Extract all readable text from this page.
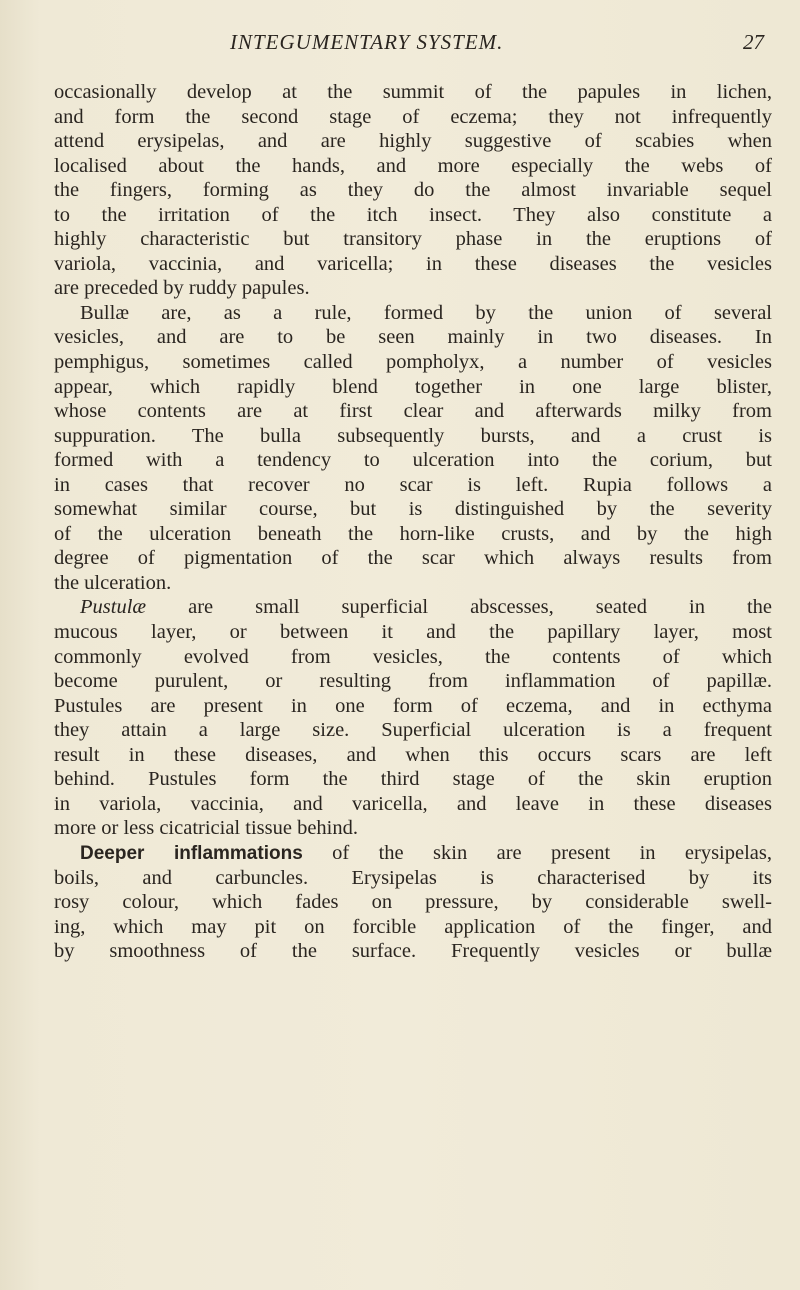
INTEGUMENTARY SYSTEM.	27
occasionally develop at the summit of the papules in lichen,
and form the second stage of eczema; they not infrequently
attend erysipelas, and are highly suggestive of scabies when
localised about the hands, and more especially the webs of
the fingers, forming as they do the almost invariable sequel
to the irritation of the itch insect. They also constitute a
highly characteristic but transitory phase in the eruptions of
variola, vaccinia, and varicella; in these diseases the vesicles
are preceded by ruddy papules.
Bullæ are, as a rule, formed by the union of several
vesicles, and are to be seen mainly in two diseases. In
pemphigus, sometimes called pompholyx, a number of vesicles
appear, which rapidly blend together in one large blister,
whose contents are at first clear and afterwards milky from
suppuration. The bulla subsequently bursts, and a crust is
formed with a tendency to ulceration into the corium, but
in cases that recover no scar is left. Rupia follows a
somewhat similar course, but is distinguished by the severity
of the ulceration beneath the horn-like crusts, and by the high
degree of pigmentation of the scar which always results from
the ulceration.
Pustulæ are small superficial abscesses, seated in the
mucous layer, or between it and the papillary layer, most
commonly evolved from vesicles, the contents of which
become purulent, or resulting from inflammation of papillæ.
Pustules are present in one form of eczema, and in ecthyma
they attain a large size. Superficial ulceration is a frequent
result in these diseases, and when this occurs scars are left
behind. Pustules form the third stage of the skin eruption
in variola, vaccinia, and varicella, and leave in these diseases
more or less cicatricial tissue behind.
Deeper inflammations of the skin are present in erysipelas,
boils, and carbuncles. Erysipelas is characterised by its
rosy colour, which fades on pressure, by considerable swell-
ing, which may pit on forcible application of the finger, and
by smoothness of the surface. Frequently vesicles or bullæ
